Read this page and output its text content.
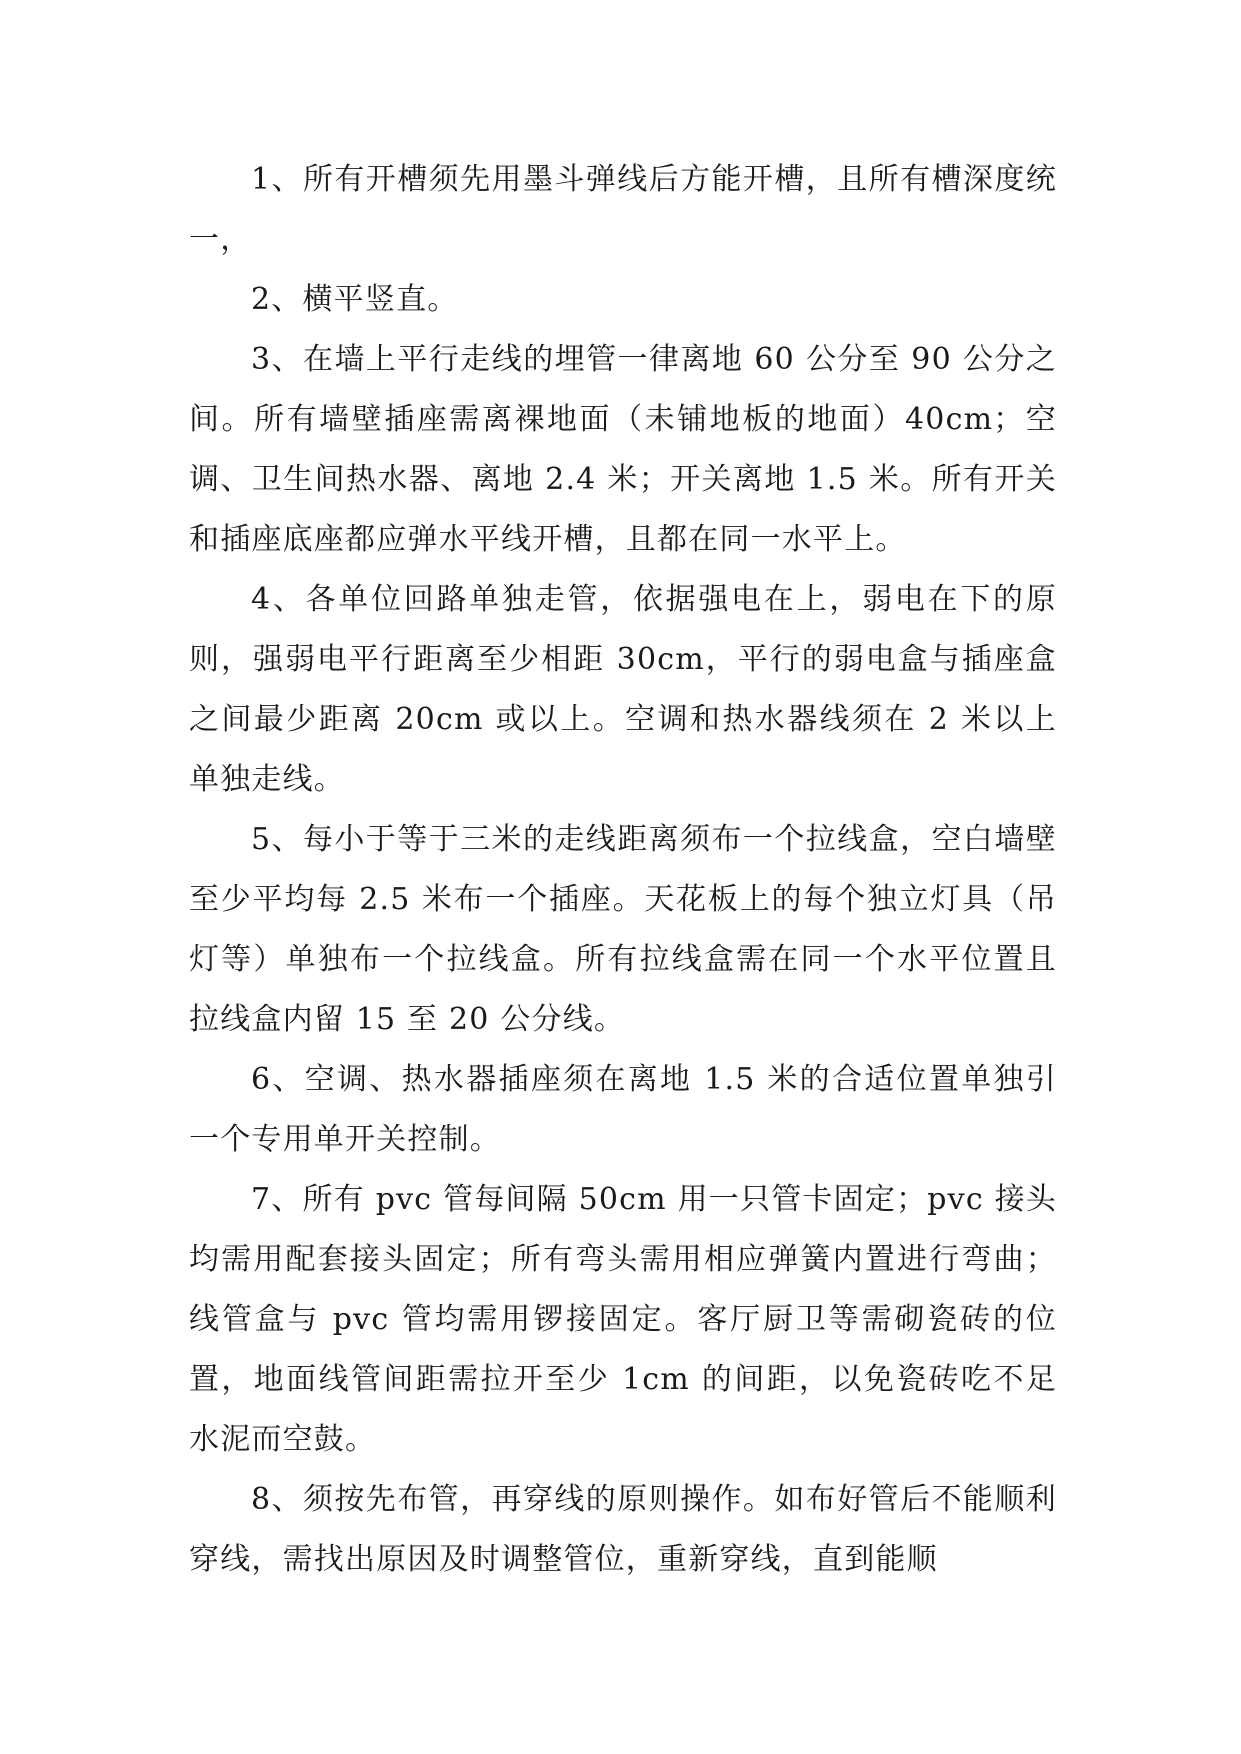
1、所有开槽须先用墨斗弹线后方能开槽，且所有槽深度统一，

2、横平竖直。

3、在墙上平行走线的埋管一律离地 60 公分至 90 公分之间。所有墙壁插座需离裸地面（未铺地板的地面）40cm；空调、卫生间热水器、离地 2.4 米；开关离地 1.5 米。所有开关和插座底座都应弹水平线开槽，且都在同一水平上。

4、各单位回路单独走管，依据强电在上，弱电在下的原则，强弱电平行距离至少相距 30cm，平行的弱电盒与插座盒之间最少距离 20cm 或以上。空调和热水器线须在 2 米以上单独走线。

5、每小于等于三米的走线距离须布一个拉线盒，空白墙壁至少平均每 2.5 米布一个插座。天花板上的每个独立灯具（吊灯等）单独布一个拉线盒。所有拉线盒需在同一个水平位置且拉线盒内留 15 至 20 公分线。

6、空调、热水器插座须在离地 1.5 米的合适位置单独引一个专用单开关控制。

7、所有 pvc 管每间隔 50cm 用一只管卡固定；pvc 接头均需用配套接头固定；所有弯头需用相应弹簧内置进行弯曲；线管盒与 pvc 管均需用锣接固定。客厅厨卫等需砌瓷砖的位置，地面线管间距需拉开至少 1cm 的间距，以免瓷砖吃不足水泥而空鼓。

8、须按先布管，再穿线的原则操作。如布好管后不能顺利穿线，需找出原因及时调整管位，重新穿线，直到能顺
